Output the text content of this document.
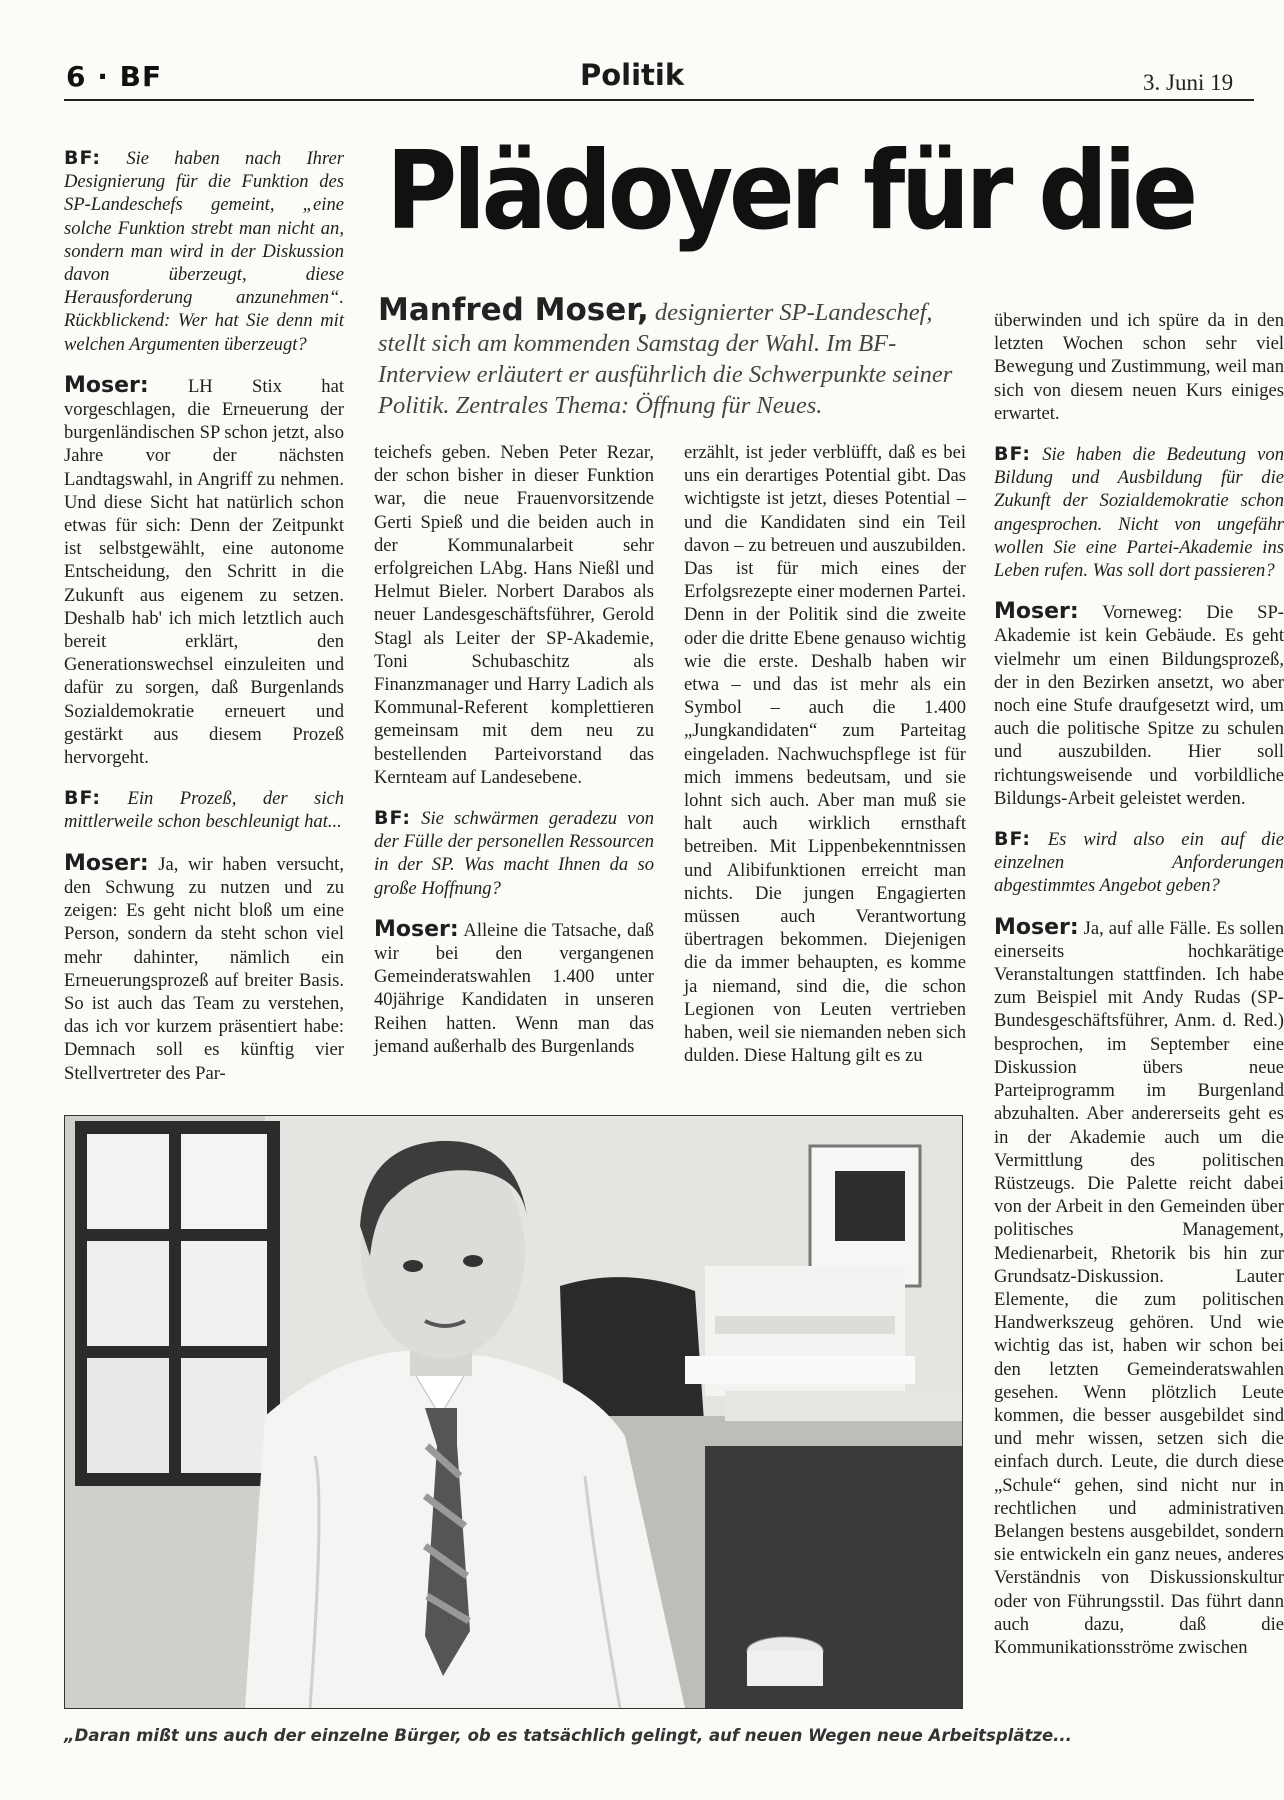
6 · BF	Politik	3. Juni 19
Plädoyer für die
Manfred Moser, designierter SP-Landeschef, stellt sich am kommenden Samstag der Wahl. Im BF-Interview erläutert er ausführlich die Schwerpunkte seiner Politik. Zentrales Thema: Öffnung für Neues.

BF: Sie haben nach Ihrer Designierung für die Funktion des SP-Landeschefs gemeint, „eine solche Funktion strebt man nicht an, sondern man wird in der Diskussion davon überzeugt, diese Herausforderung anzunehmen“. Rückblickend: Wer hat Sie denn mit welchen Argumenten überzeugt?

Moser: LH Stix hat vorgeschlagen, die Erneuerung der burgenländischen SP schon jetzt, also Jahre vor der nächsten Landtagswahl, in Angriff zu nehmen. Und diese Sicht hat natürlich schon etwas für sich: Denn der Zeitpunkt ist selbstgewählt, eine autonome Entscheidung, den Schritt in die Zukunft aus eigenem zu setzen. Deshalb hab' ich mich letztlich auch bereit erklärt, den Generationswechsel einzuleiten und dafür zu sorgen, daß Burgenlands Sozialdemokratie erneuert und gestärkt aus diesem Prozeß hervorgeht.

BF: Ein Prozeß, der sich mittlerweile schon beschleunigt hat...

Moser: Ja, wir haben versucht, den Schwung zu nutzen und zu zeigen: Es geht nicht bloß um eine Person, sondern da steht schon viel mehr dahinter, nämlich ein Erneuerungsprozeß auf breiter Basis. So ist auch das Team zu verstehen, das ich vor kurzem präsentiert habe: Demnach soll es künftig vier Stellvertreter des Par-

teichefs geben. Neben Peter Rezar, der schon bisher in dieser Funktion war, die neue Frauenvorsitzende Gerti Spieß und die beiden auch in der Kommunalarbeit sehr erfolgreichen LAbg. Hans Nießl und Helmut Bieler. Norbert Darabos als neuer Landesgeschäftsführer, Gerold Stagl als Leiter der SP-Akademie, Toni Schubaschitz als Finanzmanager und Harry Ladich als Kommunal-Referent komplettieren gemeinsam mit dem neu zu bestellenden Parteivorstand das Kernteam auf Landesebene.

BF: Sie schwärmen geradezu von der Fülle der personellen Ressourcen in der SP. Was macht Ihnen da so große Hoffnung?

Moser: Alleine die Tatsache, daß wir bei den vergangenen Gemeinderatswahlen 1.400 unter 40jährige Kandidaten in unseren Reihen hatten. Wenn man das jemand außerhalb des Burgenlands

erzählt, ist jeder verblüfft, daß es bei uns ein derartiges Potential gibt. Das wichtigste ist jetzt, dieses Potential – und die Kandidaten sind ein Teil davon – zu betreuen und auszubilden. Das ist für mich eines der Erfolgsrezepte einer modernen Partei. Denn in der Politik sind die zweite oder die dritte Ebene genauso wichtig wie die erste. Deshalb haben wir etwa – und das ist mehr als ein Symbol – auch die 1.400 „Jungkandidaten“ zum Parteitag eingeladen. Nachwuchspflege ist für mich immens bedeutsam, und sie lohnt sich auch. Aber man muß sie halt auch wirklich ernsthaft betreiben. Mit Lippenbekenntnissen und Alibifunktionen erreicht man nichts. Die jungen Engagierten müssen auch Verantwortung übertragen bekommen. Diejenigen die da immer behaupten, es komme ja niemand, sind die, die schon Legionen von Leuten vertrieben haben, weil sie niemanden neben sich dulden. Diese Haltung gilt es zu

überwinden und ich spüre da in den letzten Wochen schon sehr viel Bewegung und Zustimmung, weil man sich von diesem neuen Kurs einiges erwartet.

BF: Sie haben die Bedeutung von Bildung und Ausbildung für die Zukunft der Sozialdemokratie schon angesprochen. Nicht von ungefähr wollen Sie eine Partei-Akademie ins Leben rufen. Was soll dort passieren?

Moser: Vorneweg: Die SP-Akademie ist kein Gebäude. Es geht vielmehr um einen Bildungsprozeß, der in den Bezirken ansetzt, wo aber noch eine Stufe draufgesetzt wird, um auch die politische Spitze zu schulen und auszubilden. Hier soll richtungsweisende und vorbildliche Bildungs-Arbeit geleistet werden.

BF: Es wird also ein auf die einzelnen Anforderungen abgestimmtes Angebot geben?

Moser: Ja, auf alle Fälle. Es sollen einerseits hochkarätige Veranstaltungen stattfinden. Ich habe zum Beispiel mit Andy Rudas (SP-Bundesgeschäftsführer, Anm. d. Red.) besprochen, im September eine Diskussion übers neue Parteiprogramm im Burgenland abzuhalten. Aber andererseits geht es in der Akademie auch um die Vermittlung des politischen Rüstzeugs. Die Palette reicht dabei von der Arbeit in den Gemeinden über politisches Management, Medienarbeit, Rhetorik bis hin zur Grundsatz-Diskussion. Lauter Elemente, die zum politischen Handwerkszeug gehören. Und wie wichtig das ist, haben wir schon bei den letzten Gemeinderatswahlen gesehen. Wenn plötzlich Leute kommen, die besser ausgebildet sind und mehr wissen, setzen sich die einfach durch. Leute, die durch diese „Schule“ gehen, sind nicht nur in rechtlichen und administrativen Belangen bestens ausgebildet, sondern sie entwickeln ein ganz neues, anderes Verständnis von Diskussionskultur oder von Führungsstil. Das führt dann auch dazu, daß die Kommunikationsströme zwischen

„Daran mißt uns auch der einzelne Bürger, ob es tatsächlich gelingt, auf neuen Wegen neue Arbeitsplätze...
